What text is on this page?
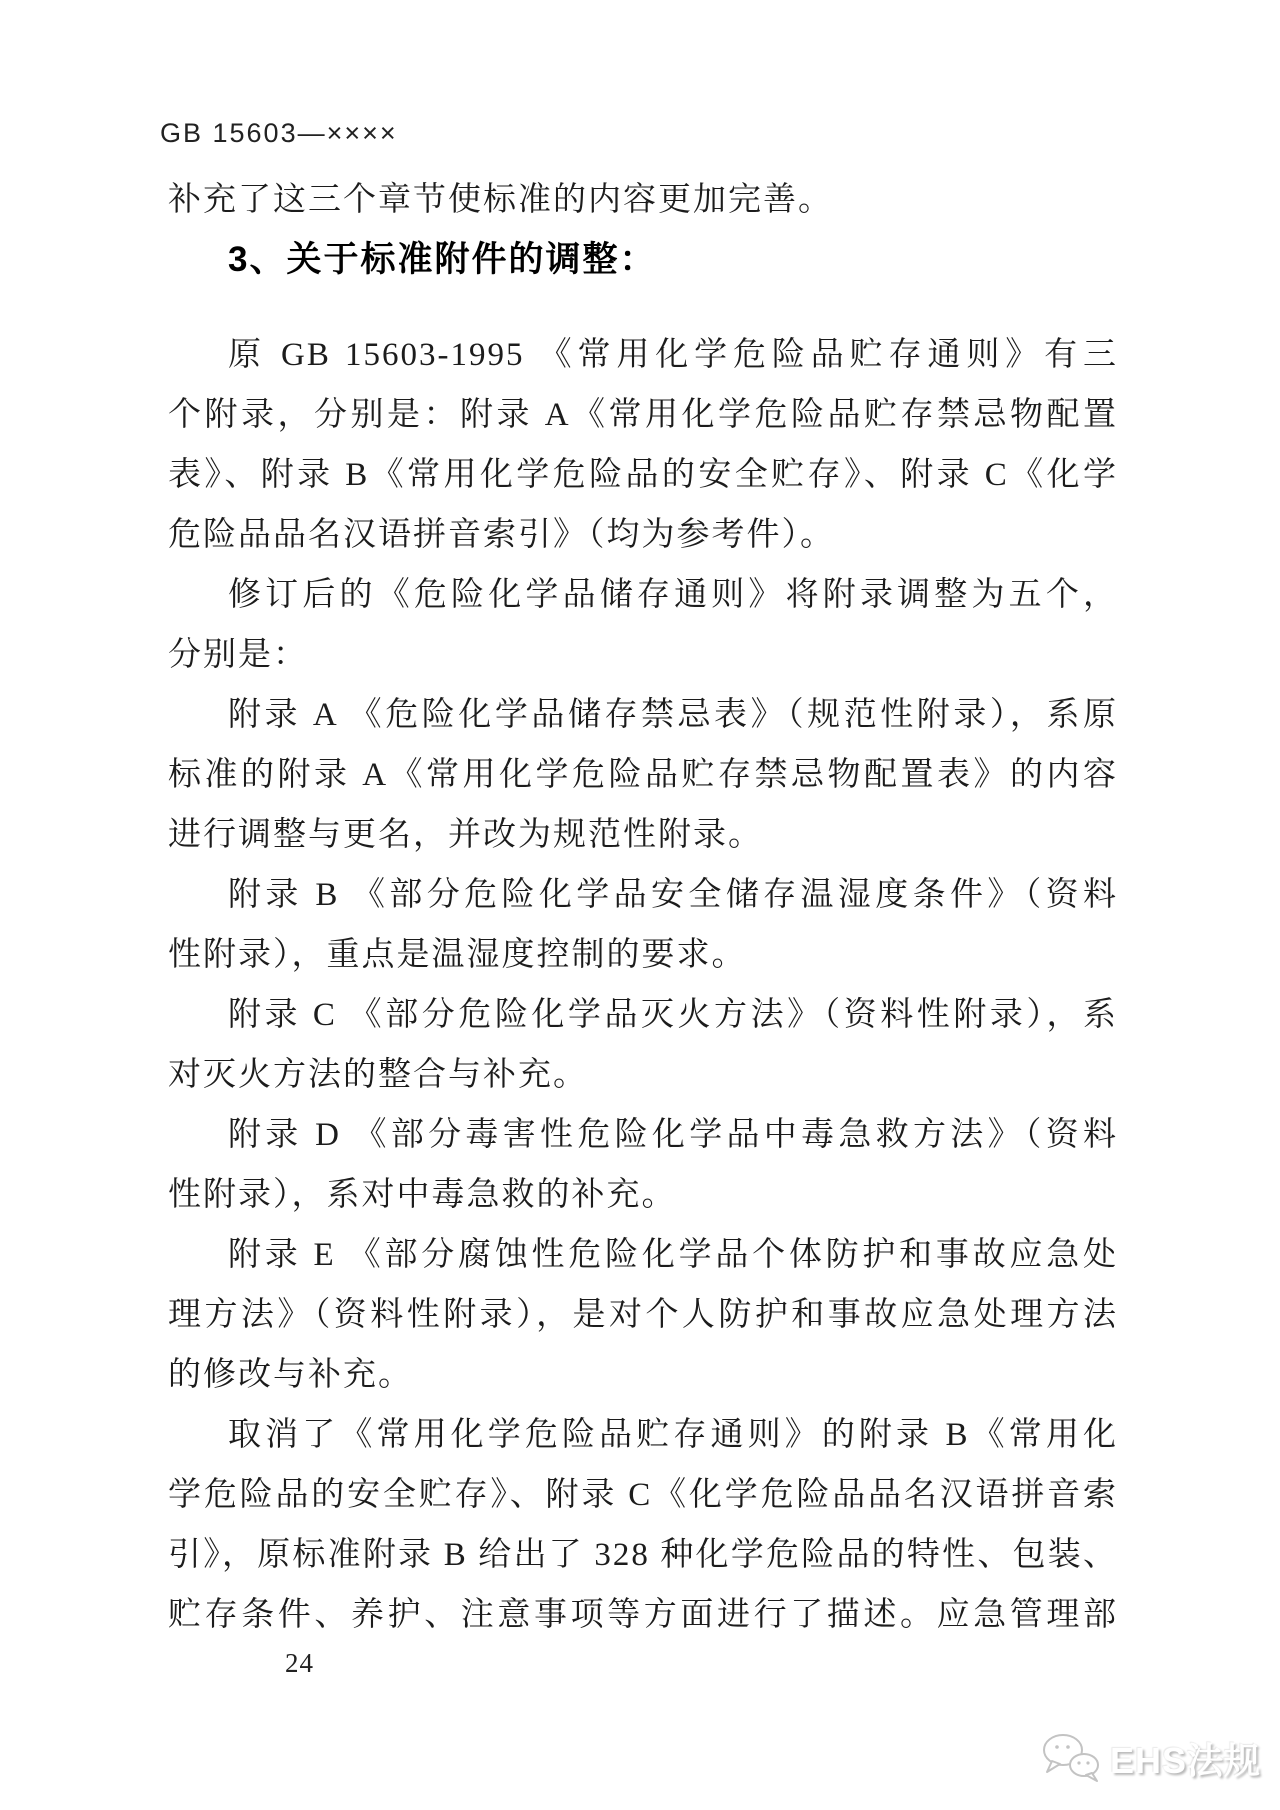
GB 15603—××××
补充了这三个章节使标准的内容更加完善。
3、关于标准附件的调整：
原 GB 15603-1995 《常用化学危险品贮存通则》有三
个附录，分别是：附录 A《常用化学危险品贮存禁忌物配置
表》、附录 B《常用化学危险品的安全贮存》、附录 C《化学
危险品品名汉语拼音索引》（均为参考件）。
修订后的《危险化学品储存通则》将附录调整为五个，
分别是：
附录 A 《危险化学品储存禁忌表》（规范性附录），系原
标准的附录 A《常用化学危险品贮存禁忌物配置表》的内容
进行调整与更名，并改为规范性附录。
附录 B 《部分危险化学品安全储存温湿度条件》（资料
性附录），重点是温湿度控制的要求。
附录 C 《部分危险化学品灭火方法》（资料性附录），系
对灭火方法的整合与补充。
附录 D 《部分毒害性危险化学品中毒急救方法》（资料
性附录），系对中毒急救的补充。
附录 E 《部分腐蚀性危险化学品个体防护和事故应急处
理方法》（资料性附录），是对个人防护和事故应急处理方法
的修改与补充。
取消了《常用化学危险品贮存通则》的附录 B《常用化
学危险品的安全贮存》、附录 C《化学危险品品名汉语拼音索
引》，原标准附录 B 给出了 328 种化学危险品的特性、包装、
贮存条件、养护、注意事项等方面进行了描述。应急管理部
24
EHS法规
